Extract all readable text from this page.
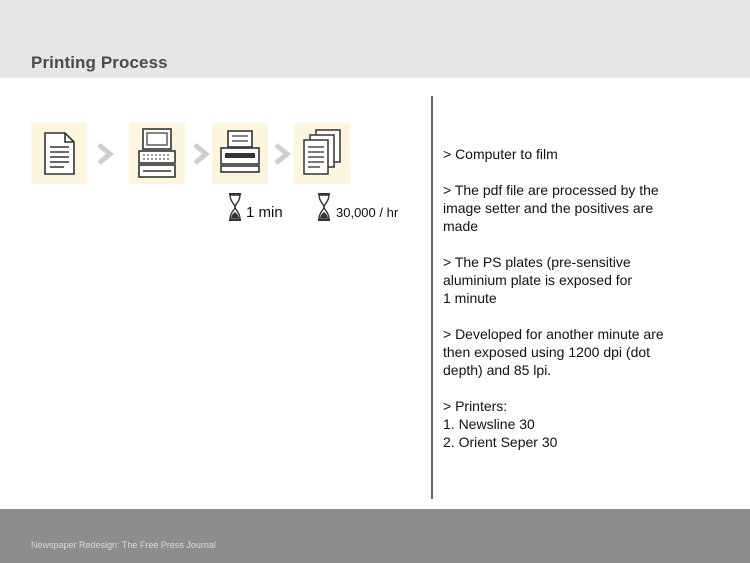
Printing Process
1 min	30,000 / hr

> Computer to film

> The pdf file are processed by the
image setter and the positives are
made

> The PS plates (pre-sensitive
aluminium plate is exposed for
1 minute

> Developed for another minute are
then exposed using 1200 dpi (dot
depth) and 85 lpi.

> Printers:
1. Newsline 30
2. Orient Seper 30

Newspaper Redesign: The Free Press Journal
